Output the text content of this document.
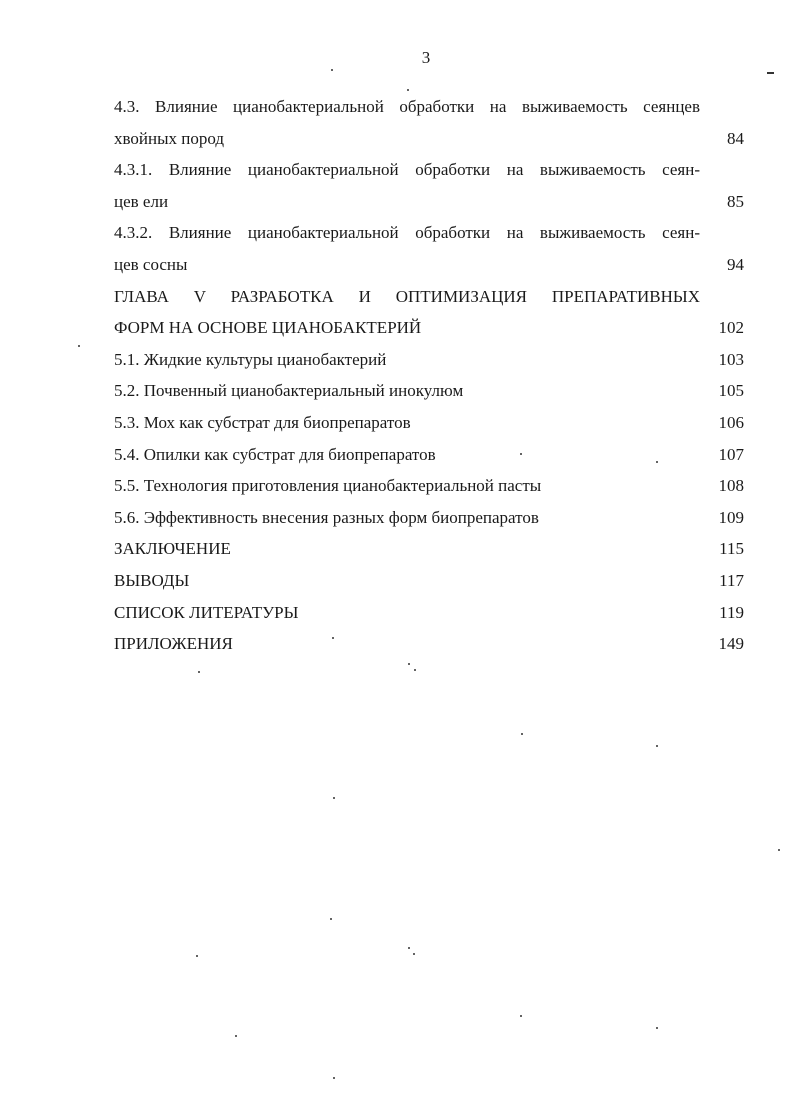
3
4.3. Влияние цианобактериальной обработки на выживаемость сеянцев
хвойных пород	84
4.3.1. Влияние цианобактериальной обработки на выживаемость сеян-
цев ели	85
4.3.2. Влияние цианобактериальной обработки на выживаемость сеян-
цев сосны	94
ГЛАВА V РАЗРАБОТКА И ОПТИМИЗАЦИЯ ПРЕПАРАТИВНЫХ
ФОРМ НА ОСНОВЕ ЦИАНОБАКТЕРИЙ	102
5.1. Жидкие культуры цианобактерий	103
5.2. Почвенный цианобактериальный инокулюм	105
5.3. Мох как субстрат для биопрепаратов	106
5.4. Опилки как субстрат для биопрепаратов	107
5.5. Технология приготовления цианобактериальной пасты	108
5.6. Эффективность внесения разных форм биопрепаратов	109
ЗАКЛЮЧЕНИЕ	115
ВЫВОДЫ	117
СПИСОК ЛИТЕРАТУРЫ	119
ПРИЛОЖЕНИЯ	149
